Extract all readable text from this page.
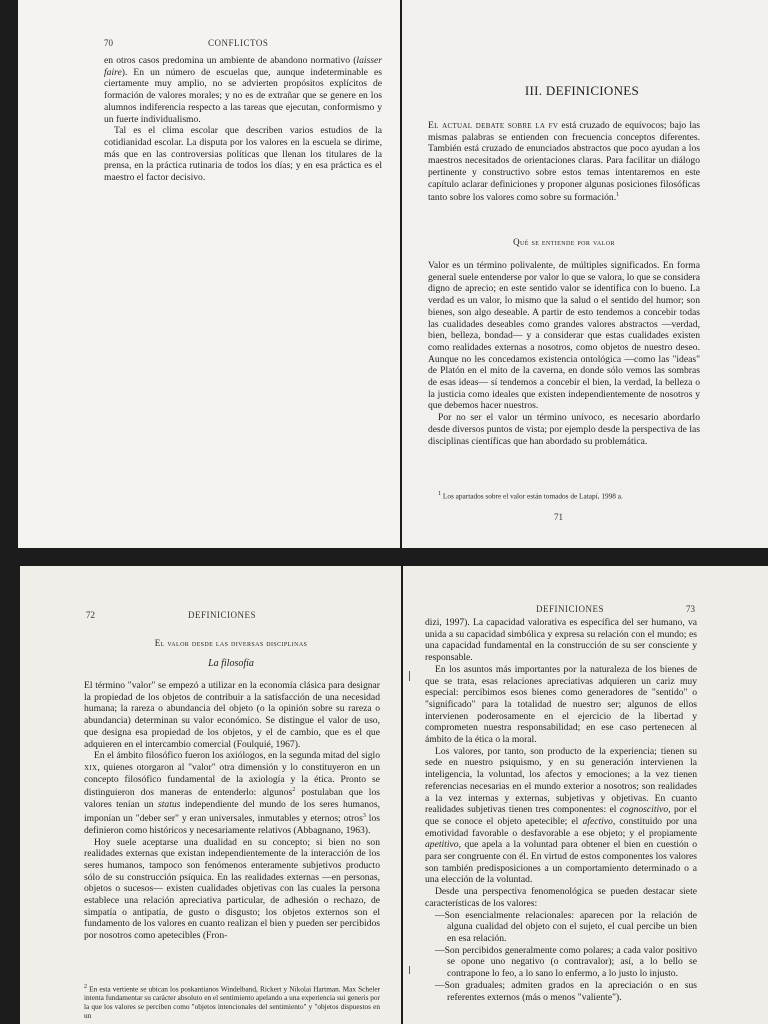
70	CONFLICTOS

en otros casos predomina un ambiente de abandono normativo (laisser faire). En un número de escuelas que, aunque indeterminable es ciertamente muy amplio, no se advierten propósitos explícitos de formación de valores morales; y no es de extrañar que se genere en los alumnos indiferencia respecto a las tareas que ejecutan, conformismo y un fuerte individualismo.

Tal es el clima escolar que describen varios estudios de la cotidianidad escolar. La disputa por los valores en la escuela se dirime, más que en las controversias políticas que llenan los titulares de la prensa, en la práctica rutinaria de todos los días; y en esa práctica es el maestro el factor decisivo.

III. DEFINICIONES

El actual debate sobre la fv está cruzado de equívocos; bajo las mismas palabras se entienden con frecuencia conceptos diferentes. También está cruzado de enunciados abstractos que poco ayudan a los maestros necesitados de orientaciones claras. Para facilitar un diálogo pertinente y constructivo sobre estos temas intentaremos en este capítulo aclarar definiciones y proponer algunas posiciones filosóficas tanto sobre los valores como sobre su formación.$^1$

Qué se entiende por valor

Valor es un término polivalente, de múltiples significados. En forma general suele entenderse por valor lo que se valora, lo que se considera digno de aprecio; en este sentido valor se identifica con lo bueno. La verdad es un valor, lo mismo que la salud o el sentido del humor; son bienes, son algo deseable. A partir de esto tendemos a concebir todas las cualidades deseables como grandes valores abstractos —verdad, bien, belleza, bondad— y a considerar que estas cualidades existen como realidades externas a nosotros, como objetos de nuestro deseo. Aunque no les concedamos existencia ontológica —como las "ideas" de Platón en el mito de la caverna, en donde sólo vemos las sombras de esas ideas— sí tendemos a concebir el bien, la verdad, la belleza o la justicia como ideales que existen independientemente de nosotros y que debemos hacer nuestros.

Por no ser el valor un término unívoco, es necesario abordarlo desde diversos puntos de vista; por ejemplo desde la perspectiva de las disciplinas científicas que han abordado su problemática.

$^1$ Los apartados sobre el valor están tomados de Latapí, 1998 a.

71
72	DEFINICIONES
El valor desde las diversas disciplinas
La filosofía

El término "valor" se empezó a utilizar en la economía clásica para designar la propiedad de los objetos de contribuir a la satisfacción de una necesidad humana; la rareza o abundancia del objeto (o la opinión sobre su rareza o abundancia) determinan su valor económico. Se distingue el valor de uso, que designa esa propiedad de los objetos, y el de cambio, que es el que adquieren en el intercambio comercial (Foulquié, 1967).

En el ámbito filosófico fueron los axiólogos, en la segunda mitad del siglo xix, quienes otorgaron al "valor" otra dimensión y lo constituyeron en un concepto filosófico fundamental de la axiología y la ética. Pronto se distinguieron dos maneras de entenderlo: algunos$^2$ postulaban que los valores tenían un status independiente del mundo de los seres humanos, imponían un "deber ser" y eran universales, inmutables y eternos; otros$^3$ los definieron como históricos y necesariamente relativos (Abbagnano, 1963).

Hoy suele aceptarse una dualidad en su concepto; si bien no son realidades externas que existan independientemente de la interacción de los seres humanos, tampoco son fenómenos enteramente subjetivos producto sólo de su construcción psíquica. En las realidades externas —en personas, objetos o sucesos— existen cualidades objetivas con las cuales la persona establece una relación apreciativa particular, de adhesión o rechazo, de simpatía o antipatía, de gusto o disgusto; los objetos externos son el fundamento de los valores en cuanto realizan el bien y pueden ser percibidos por nosotros como apetecibles (Fron-

$^2$ En esta vertiente se ubican los poskantianos Windelband, Rickert y Nikolai Hartman. Max Scheler intenta fundamentar su carácter absoluto en el sentimiento apelando a una experiencia sui generis por la que los valores se perciben como "objetos intencionales del sentimiento" y "objetos dispuestos en un

DEFINICIONES	73

dizi, 1997). La capacidad valorativa es específica del ser humano, va unida a su capacidad simbólica y expresa su relación con el mundo; es una capacidad fundamental en la construcción de su ser consciente y responsable.

En los asuntos más importantes por la naturaleza de los bienes de que se trata, esas relaciones apreciativas adquieren un cariz muy especial: percibimos esos bienes como generadores de "sentido" o "significado" para la totalidad de nuestro ser; algunos de ellos intervienen poderosamente en el ejercicio de la libertad y comprometen nuestra responsabilidad; en ese caso pertenecen al ámbito de la ética o la moral.

Los valores, por tanto, son producto de la experiencia; tienen su sede en nuestro psiquismo, y en su generación intervienen la inteligencia, la voluntad, los afectos y emociones; a la vez tienen referencias necesarias en el mundo exterior a nosotros; son realidades a la vez internas y externas, subjetivas y objetivas. En cuanto realidades subjetivas tienen tres componentes: el cognoscitivo, por el que se conoce el objeto apetecible; el afectivo, constituido por una emotividad favorable o desfavorable a ese objeto; y el propiamente apetitivo, que apela a la voluntad para obtener el bien en cuestión o para ser congruente con él. En virtud de estos componentes los valores son también predisposiciones a un comportamiento determinado o a una elección de la voluntad.

Desde una perspectiva fenomenológica se pueden destacar siete características de los valores:

—Son esencialmente relacionales: aparecen por la relación de alguna cualidad del objeto con el sujeto, el cual percibe un bien en esa relación.
—Son percibidos generalmente como polares; a cada valor positivo se opone uno negativo (o contravalor); así, a lo bello se contrapone lo feo, a lo sano lo enfermo, a lo justo lo injusto.
—Son graduales; admiten grados en la apreciación o en sus referentes externos (más o menos "valiente").
